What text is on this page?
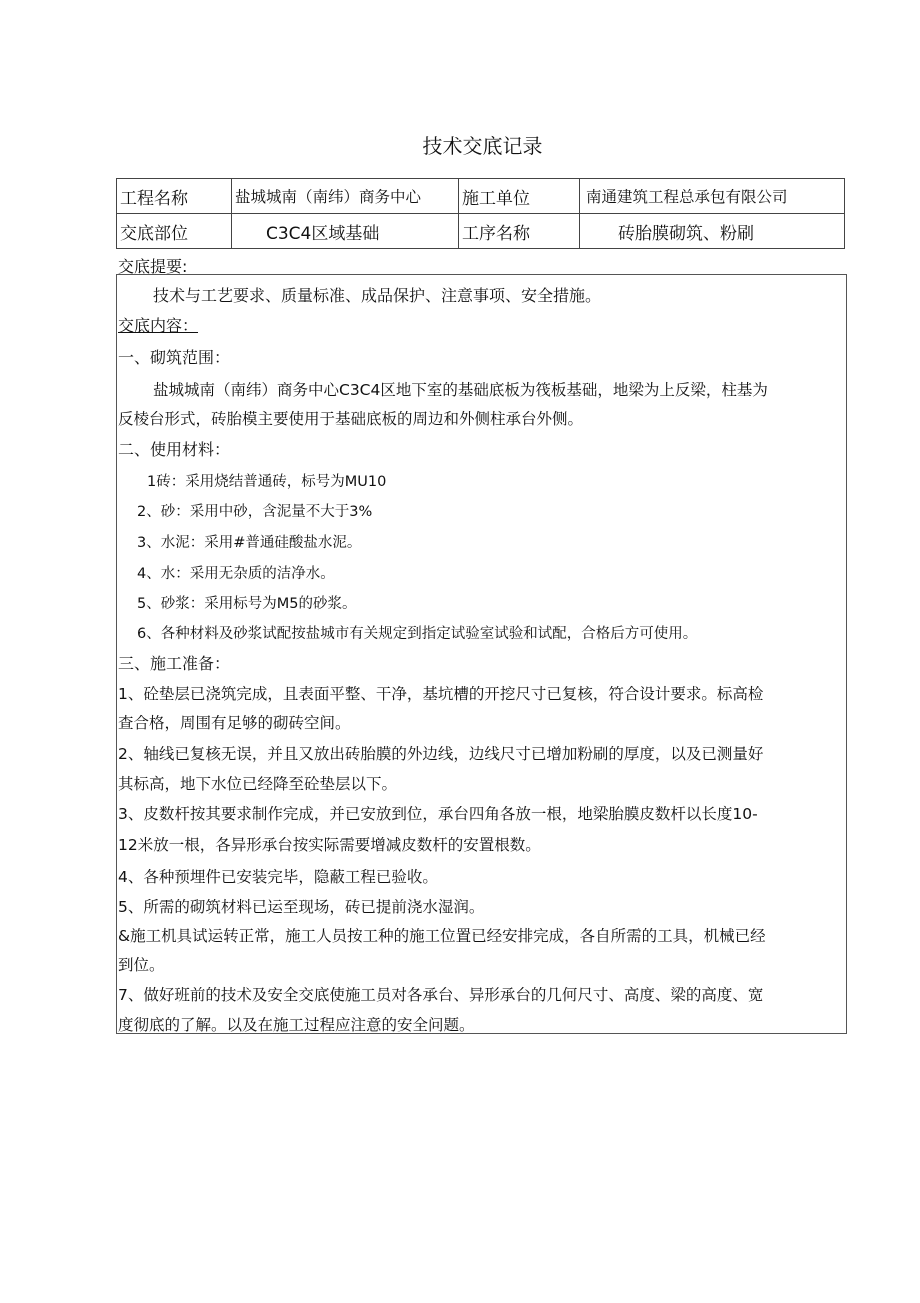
技术交底记录
工程名称	盐城城南（南纬）商务中心	施工单位	南通建筑工程总承包有限公司
交底部位	C3C4区域基础	工序名称	砖胎膜砌筑、粉刷
交底提要:
技术与工艺要求、质量标准、成品保护、注意事项、安全措施。
交底内容：
一、砌筑范围：
盐城城南（南纬）商务中心C3C4区地下室的基础底板为筏板基础，地梁为上反梁，柱基为
反棱台形式，砖胎模主要使用于基础底板的周边和外侧柱承台外侧。
二、使用材料：
1砖：采用烧结普通砖，标号为MU10
2、砂：采用中砂，含泥量不大于3%
3、水泥：采用#普通硅酸盐水泥。
4、水：采用无杂质的洁净水。
5、砂浆：采用标号为M5的砂浆。
6、各种材料及砂浆试配按盐城市有关规定到指定试验室试验和试配，合格后方可使用。
三、施工准备：
1、砼垫层已浇筑完成，且表面平整、干净，基坑槽的开挖尺寸已复核，符合设计要求。标高检
查合格，周围有足够的砌砖空间。
2、轴线已复核无误，并且又放出砖胎膜的外边线，边线尺寸已增加粉刷的厚度，以及已测量好
其标高，地下水位已经降至砼垫层以下。
3、皮数杆按其要求制作完成，并已安放到位，承台四角各放一根，地梁胎膜皮数杆以长度10-
12米放一根，各异形承台按实际需要增减皮数杆的安置根数。
4、各种预埋件已安装完毕，隐蔽工程已验收。
5、所需的砌筑材料已运至现场，砖已提前浇水湿润。
&施工机具试运转正常，施工人员按工种的施工位置已经安排完成，各自所需的工具，机械已经
到位。
7、做好班前的技术及安全交底使施工员对各承台、异形承台的几何尺寸、高度、梁的高度、宽
度彻底的了解。以及在施工过程应注意的安全问题。
